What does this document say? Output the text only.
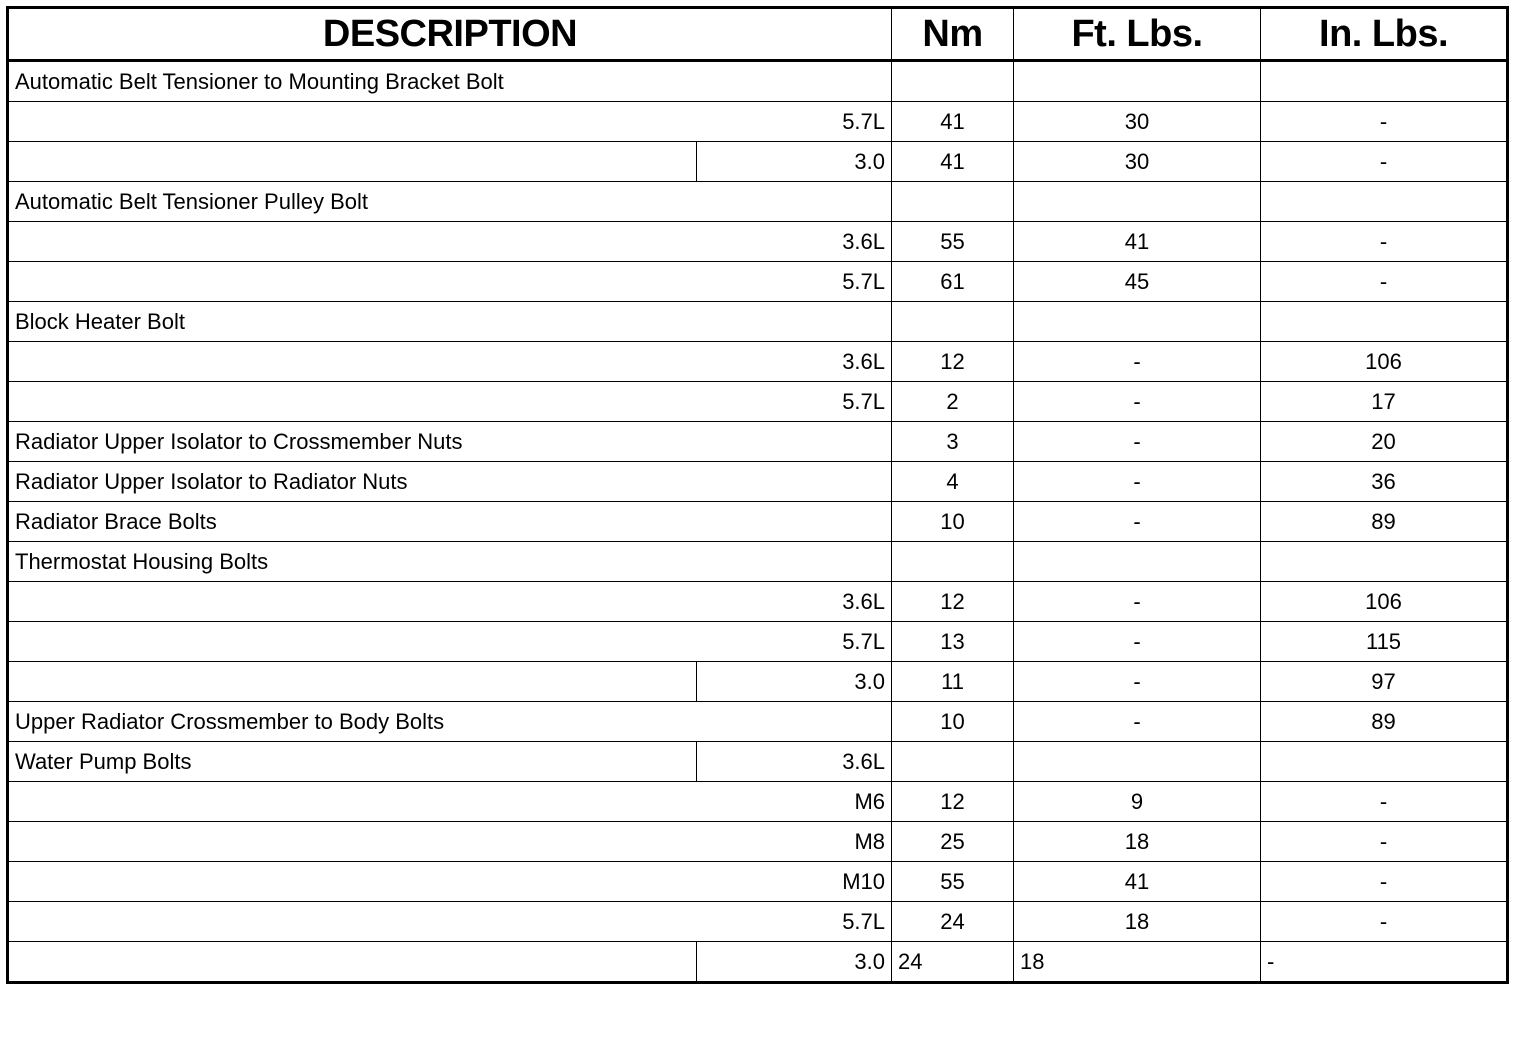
DESCRIPTION		Nm	Ft. Lbs.	In. Lbs.
Automatic Belt Tensioner to Mounting Bracket Bolt				
5.7L		41	30	-
	3.0	41	30	-
Automatic Belt Tensioner Pulley Bolt				
3.6L		55	41	-
5.7L		61	45	-
Block Heater Bolt				
3.6L		12	-	106
5.7L		2	-	17
Radiator Upper Isolator to Crossmember Nuts		3	-	20
Radiator Upper Isolator to Radiator Nuts		4	-	36
Radiator Brace Bolts		10	-	89
Thermostat Housing Bolts				
3.6L		12	-	106
5.7L		13	-	115
	3.0	11	-	97
Upper Radiator Crossmember to Body Bolts		10	-	89
Water Pump Bolts	3.6L			
M6		12	9	-
M8		25	18	-
M10		55	41	-
5.7L		24	18	-
	3.0	24	18	-
